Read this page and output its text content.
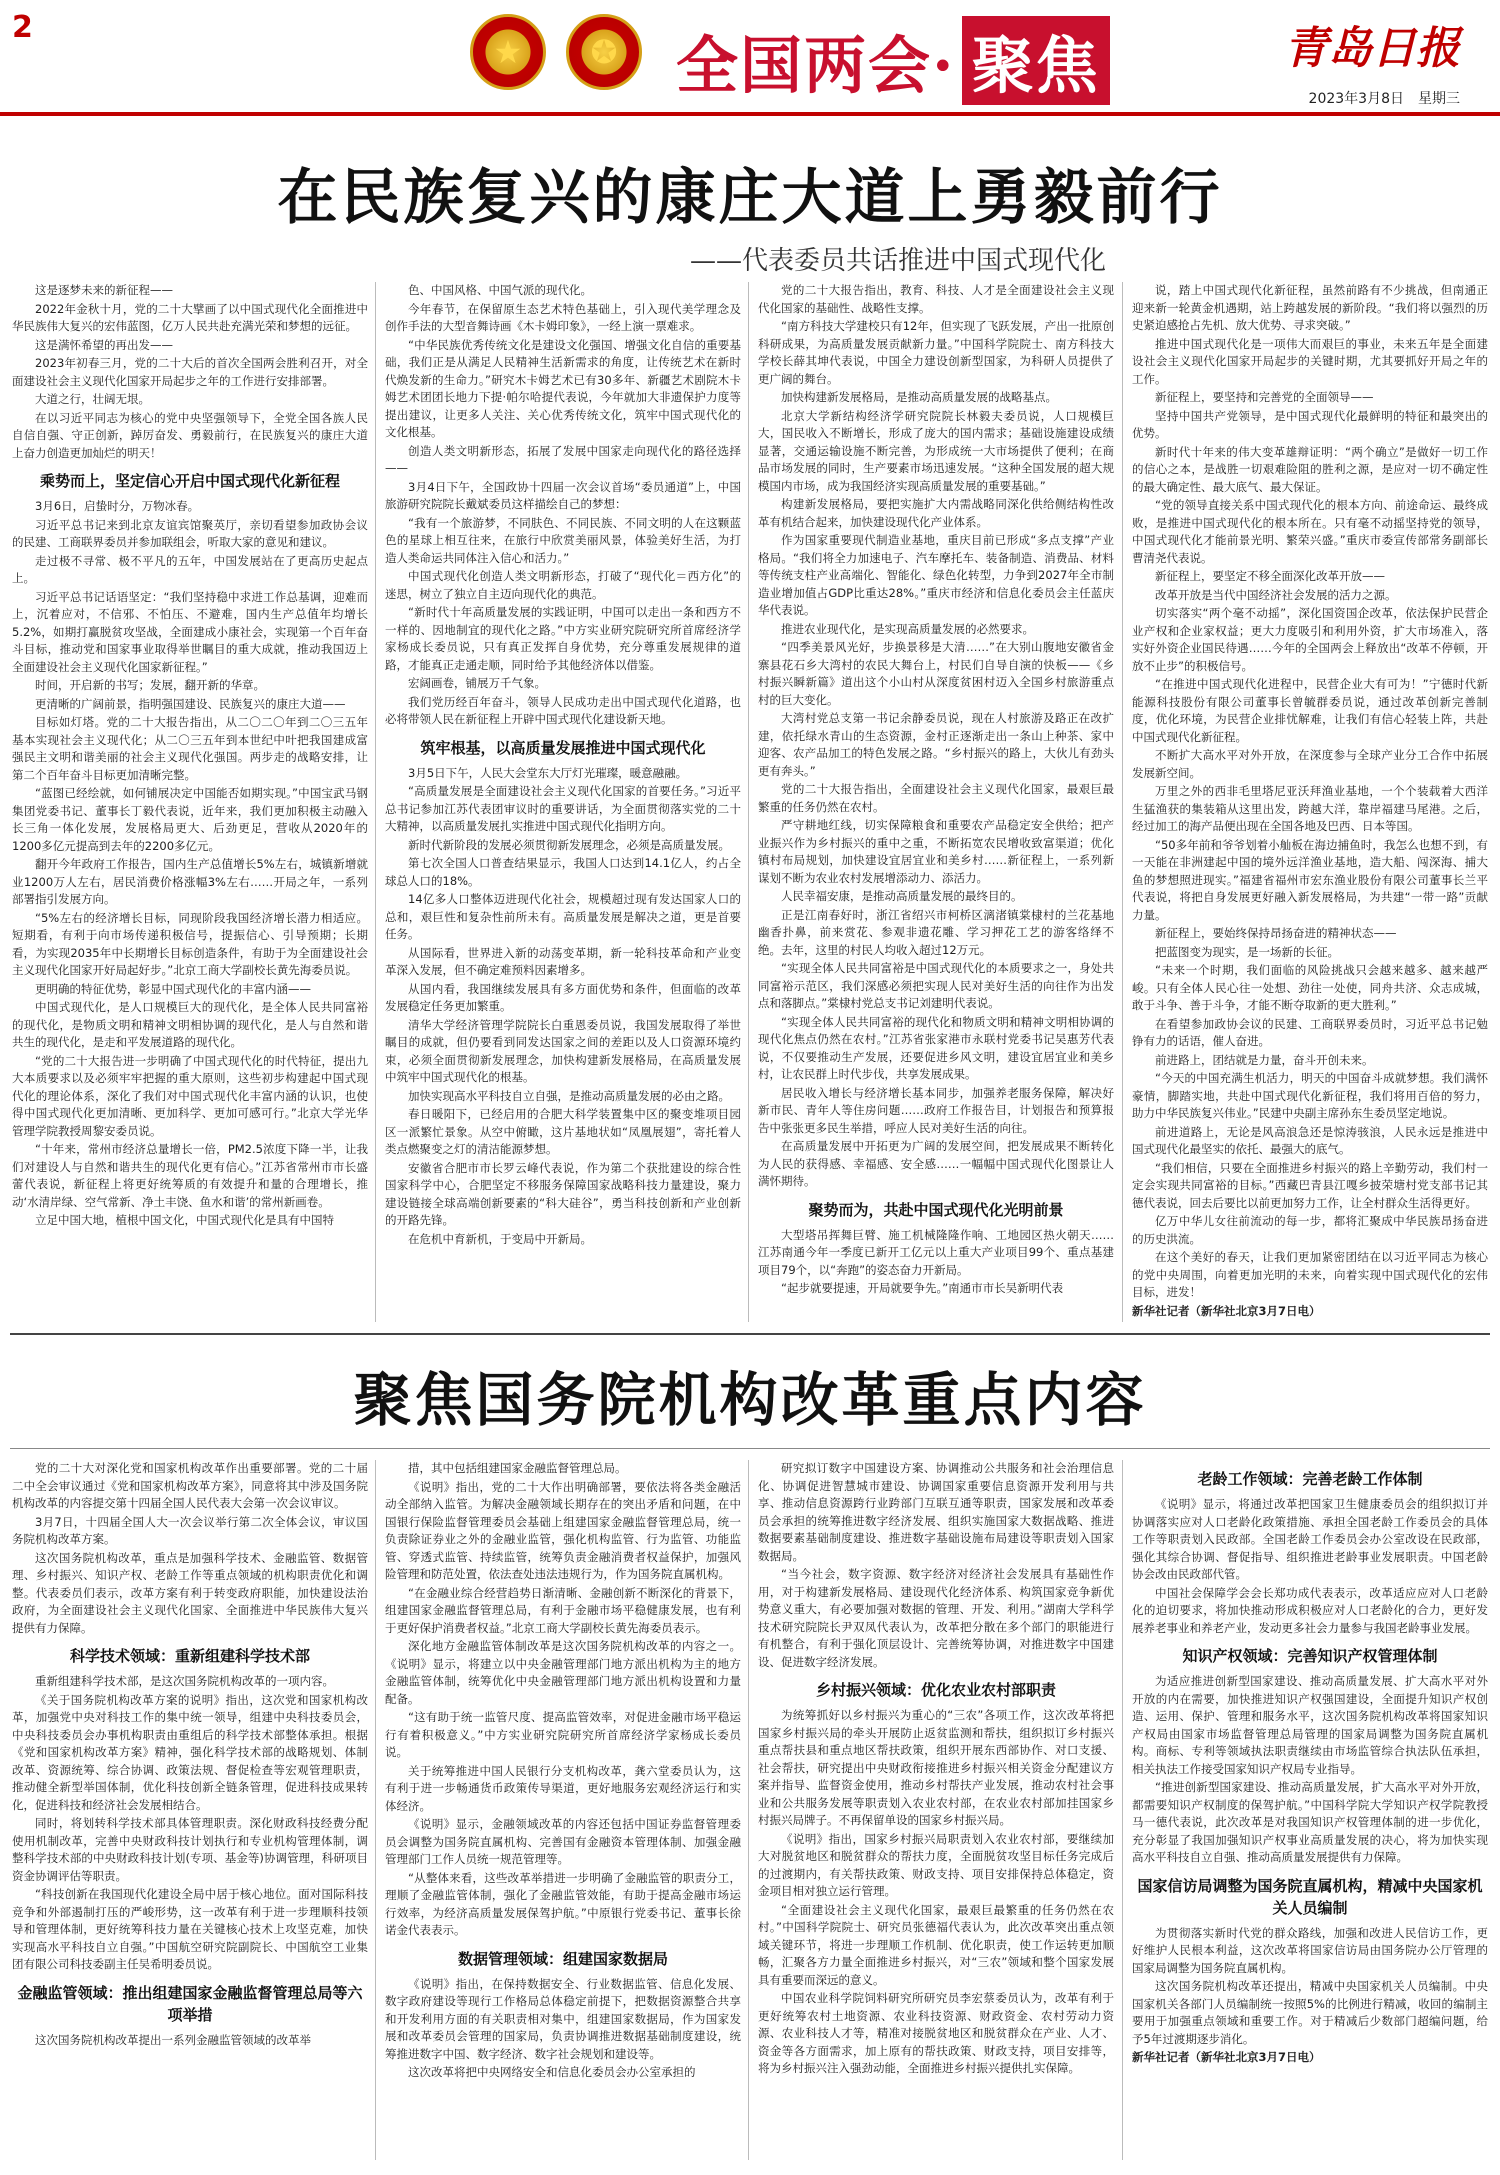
2
★	✪ 全国两会· 聚焦	青岛日报
2023年3月8日　星期三
在民族复兴的康庄大道上勇毅前行
——代表委员共话推进中国式现代化

这是逐梦未来的新征程——

2022年金秋十月，党的二十大擘画了以中国式现代化全面推进中华民族伟大复兴的宏伟蓝图，亿万人民共赴充满光荣和梦想的远征。

这是满怀希望的再出发——

2023年初春三月，党的二十大后的首次全国两会胜利召开，对全面建设社会主义现代化国家开局起步之年的工作进行安排部署。

大道之行，壮阔无垠。

在以习近平同志为核心的党中央坚强领导下，全党全国各族人民自信自强、守正创新，踔厉奋发、勇毅前行，在民族复兴的康庄大道上奋力创造更加灿烂的明天！

乘势而上，坚定信心开启中国式现代化新征程

3月6日，启蛰时分，万物冰春。

习近平总书记来到北京友谊宾馆聚英厅，亲切看望参加政协会议的民建、工商联界委员并参加联组会，听取大家的意见和建议。

走过极不寻常、极不平凡的五年，中国发展站在了更高历史起点上。

习近平总书记话语坚定：“我们坚持稳中求进工作总基调，迎难而上，沉着应对，不信邪、不怕压、不避难，国内生产总值年均增长5.2%，如期打赢脱贫攻坚战，全面建成小康社会，实现第一个百年奋斗目标，推动党和国家事业取得举世瞩目的重大成就，推动我国迈上全面建设社会主义现代化国家新征程。”

时间，开启新的书写；发展，翻开新的华章。

更清晰的广阔前景，指明强国建设、民族复兴的康庄大道——

目标如灯塔。党的二十大报告指出，从二〇二〇年到二〇三五年基本实现社会主义现代化；从二〇三五年到本世纪中叶把我国建成富强民主文明和谐美丽的社会主义现代化强国。两步走的战略安排，让第二个百年奋斗目标更加清晰完整。

“蓝图已经绘就，如何铺展决定中国能否如期实现。”中国宝武马钢集团党委书记、董事长丁毅代表说，近年来，我们更加积极主动融入长三角一体化发展，发展格局更大、后劲更足，营收从2020年的1200多亿元提高到去年的2200多亿元。

翻开今年政府工作报告，国内生产总值增长5%左右，城镇新增就业1200万人左右，居民消费价格涨幅3%左右……开局之年，一系列部署指引发展方向。

“5%左右的经济增长目标，同现阶段我国经济增长潜力相适应。短期看，有利于向市场传递积极信号，提振信心、引导预期；长期看，为实现2035年中长期增长目标创造条件，有助于为全面建设社会主义现代化国家开好局起好步。”北京工商大学副校长黄先海委员说。

更明确的特征优势，彰显中国式现代化的丰富内涵——

中国式现代化，是人口规模巨大的现代化，是全体人民共同富裕的现代化，是物质文明和精神文明相协调的现代化，是人与自然和谐共生的现代化，是走和平发展道路的现代化。

“党的二十大报告进一步明确了中国式现代化的时代特征，提出九大本质要求以及必须牢牢把握的重大原则，这些初步构建起中国式现代化的理论体系，深化了我们对中国式现代化丰富内涵的认识，也使得中国式现代化更加清晰、更加科学、更加可感可行。”北京大学光华管理学院教授周黎安委员说。

“十年来，常州市经济总量增长一倍，PM2.5浓度下降一半，让我们对建设人与自然和谐共生的现代化更有信心。”江苏省常州市市长盛蕾代表说，新征程上将更好统筹质的有效提升和量的合理增长，推动‘水清岸绿、空气常新、净土丰饶、鱼水和谐’的常州新画卷。

立足中国大地，植根中国文化，中国式现代化是具有中国特

色、中国风格、中国气派的现代化。

今年春节，在保留原生态艺术特色基础上，引入现代美学理念及创作手法的大型音舞诗画《木卡姆印象》，一经上演一票难求。

“中华民族优秀传统文化是建设文化强国、增强文化自信的重要基础，我们正是从满足人民精神生活新需求的角度，让传统艺术在新时代焕发新的生命力。”研究木卡姆艺术已有30多年、新疆艺术剧院木卡姆艺术团团长地力下提·帕尔哈提代表说，今年就加大非遗保护力度等提出建议，让更多人关注、关心优秀传统文化，筑牢中国式现代化的文化根基。

创造人类文明新形态，拓展了发展中国家走向现代化的路径选择——

3月4日下午，全国政协十四届一次会议首场“委员通道”上，中国旅游研究院院长戴斌委员这样描绘自己的梦想：

“我有一个旅游梦，不同肤色、不同民族、不同文明的人在这颗蓝色的星球上相互往来，在旅行中欣赏美丽风景，体验美好生活，为打造人类命运共同体注入信心和活力。”

中国式现代化创造人类文明新形态，打破了“现代化＝西方化”的迷思，树立了独立自主迈向现代化的典范。

“新时代十年高质量发展的实践证明，中国可以走出一条和西方不一样的、因地制宜的现代化之路。”中方实业研究院研究所首席经济学家杨成长委员说，只有真正发挥自身优势，充分尊重发展规律的道路，才能真正走通走顺，同时给予其他经济体以借鉴。

宏阔画卷，铺展万千气象。

我们党历经百年奋斗，领导人民成功走出中国式现代化道路，也必将带领人民在新征程上开辟中国式现代化建设新天地。

筑牢根基，以高质量发展推进中国式现代化

3月5日下午，人民大会堂东大厅灯光璀璨，暖意融融。

“高质量发展是全面建设社会主义现代化国家的首要任务。”习近平总书记参加江苏代表团审议时的重要讲话，为全面贯彻落实党的二十大精神，以高质量发展扎实推进中国式现代化指明方向。

新时代新阶段的发展必须贯彻新发展理念，必须是高质量发展。

第七次全国人口普查结果显示，我国人口达到14.1亿人，约占全球总人口的18%。

14亿多人口整体迈进现代化社会，规模超过现有发达国家人口的总和，艰巨性和复杂性前所未有。高质量发展是解决之道，更是首要任务。

从国际看，世界进入新的动荡变革期，新一轮科技革命和产业变革深入发展，但不确定难预料因素增多。

从国内看，我国继续发展具有多方面优势和条件，但面临的改革发展稳定任务更加繁重。

清华大学经济管理学院院长白重恩委员说，我国发展取得了举世瞩目的成就，但仍要看到同发达国家之间的差距以及人口资源环境约束，必须全面贯彻新发展理念，加快构建新发展格局，在高质量发展中筑牢中国式现代化的根基。

加快实现高水平科技自立自强，是推动高质量发展的必由之路。

春日暖阳下，已经启用的合肥大科学装置集中区的聚变堆项目园区一派繁忙景象。从空中俯瞰，这片基地状如“凤凰展翅”，寄托着人类点燃聚变之灯的清洁能源梦想。

安徽省合肥市市长罗云峰代表说，作为第二个获批建设的综合性国家科学中心，合肥坚定不移服务保障国家战略科技力量建设，聚力建设链接全球高端创新要素的“科大硅谷”，勇当科技创新和产业创新的开路先锋。

在危机中育新机，于变局中开新局。

党的二十大报告指出，教育、科技、人才是全面建设社会主义现代化国家的基础性、战略性支撑。

“南方科技大学建校只有12年，但实现了飞跃发展，产出一批原创科研成果，为高质量发展贡献新力量。”中国科学院院士、南方科技大学校长薛其坤代表说，中国全力建设创新型国家，为科研人员提供了更广阔的舞台。

加快构建新发展格局，是推动高质量发展的战略基点。

北京大学新结构经济学研究院院长林毅夫委员说，人口规模巨大，国民收入不断增长，形成了庞大的国内需求；基础设施建设成绩显著，交通运输设施不断完善，为形成统一大市场提供了便利；在商品市场发展的同时，生产要素市场迅速发展。“这种全国发展的超大规模国内市场，成为我国经济实现高质量发展的重要基础。”

构建新发展格局，要把实施扩大内需战略同深化供给侧结构性改革有机结合起来，加快建设现代化产业体系。

作为国家重要现代制造业基地，重庆目前已形成“多点支撑”产业格局。“我们将全力加速电子、汽车摩托车、装备制造、消费品、材料等传统支柱产业高端化、智能化、绿色化转型，力争到2027年全市制造业增加值占GDP比重达28%。”重庆市经济和信息化委员会主任蓝庆华代表说。

推进农业现代化，是实现高质量发展的必然要求。

“四季美景风光好，步换景移是大清……”在大别山腹地安徽省金寨县花石乡大湾村的农民大舞台上，村民们自导自演的快板——《乡村振兴瞬新篇》道出这个小山村从深度贫困村迈入全国乡村旅游重点村的巨大变化。

大湾村党总支第一书记余静委员说，现在人村旅游及路正在改扩建，依托绿水青山的生态资源，金村正逐渐走出一条山上种茶、家中迎客、农产品加工的特色发展之路。“乡村振兴的路上，大伙儿有劲头更有奔头。”

党的二十大报告指出，全面建设社会主义现代化国家，最艰巨最繁重的任务仍然在农村。

严守耕地红线，切实保障粮食和重要农产品稳定安全供给；把产业振兴作为乡村振兴的重中之重，不断拓宽农民增收致富渠道；优化镇村布局规划，加快建设宜居宜业和美乡村……新征程上，一系列新谋划不断为农业农村发展增添动力、添活力。

人民幸福安康，是推动高质量发展的最终目的。

正是江南春好时，浙江省绍兴市柯桥区漓渚镇棠棣村的兰花基地幽香扑鼻，前来赏花、参观非遗花雕、学习押花工艺的游客络绎不绝。去年，这里的村民人均收入超过12万元。

“实现全体人民共同富裕是中国式现代化的本质要求之一，身处共同富裕示范区，我们深感必须把实现人民对美好生活的向往作为出发点和落脚点。”棠棣村党总支书记刘建明代表说。

“实现全体人民共同富裕的现代化和物质文明和精神文明相协调的现代化焦点仍然在农村。”江苏省张家港市永联村党委书记吴惠芳代表说，不仅要推动生产发展，还要促进乡风文明，建设宜居宜业和美乡村，让农民群上时代步伐，共享发展成果。

居民收入增长与经济增长基本同步，加强养老服务保障，解决好新市民、青年人等住房问题……政府工作报告目，计划报告和预算报告中张张更多民生举措，呼应人民对美好生活的向往。

在高质量发展中开拓更为广阔的发展空间，把发展成果不断转化为人民的获得感、幸福感、安全感……一幅幅中国式现代化图景让人满怀期待。

聚势而为，共赴中国式现代化光明前景

大型塔吊挥舞巨臂、施工机械隆隆作响、工地园区热火朝天……江苏南通今年一季度已新开工亿元以上重大产业项目99个、重点基建项目79个，以“奔跑”的姿态奋力开新局。

“起步就要提速，开局就要争先。”南通市市长吴新明代表

说，踏上中国式现代化新征程，虽然前路有不少挑战，但南通正迎来新一轮黄金机遇期，站上跨越发展的新阶段。“我们将以强烈的历史紧迫感抢占先机、放大优势、寻求突破。”

推进中国式现代化是一项伟大而艰巨的事业，未来五年是全面建设社会主义现代化国家开局起步的关键时期，尤其要抓好开局之年的工作。

新征程上，要坚持和完善党的全面领导——

坚持中国共产党领导，是中国式现代化最鲜明的特征和最突出的优势。

新时代十年来的伟大变革雄辩证明：“两个确立”是做好一切工作的信心之本，是战胜一切艰难险阻的胜利之源，是应对一切不确定性的最大确定性、最大底气、最大保证。

“党的领导直接关系中国式现代化的根本方向、前途命运、最终成败，是推进中国式现代化的根本所在。只有毫不动摇坚持党的领导，中国式现代化才能前景光明、繁荣兴盛。”重庆市委宣传部常务副部长曹清尧代表说。

新征程上，要坚定不移全面深化改革开放——

改革开放是当代中国经济社会发展的活力之源。

切实落实“两个毫不动摇”，深化国资国企改革，依法保护民营企业产权和企业家权益；更大力度吸引和利用外资，扩大市场准入，落实好外资企业国民待遇……今年的全国两会上释放出“改革不停顿，开放不止步”的积极信号。

“在推进中国式现代化进程中，民营企业大有可为！”宁德时代新能源科技股份有限公司董事长曾毓群委员说，通过改革创新完善制度，优化环境，为民营企业排忧解难，让我们有信心轻装上阵，共赴中国式现代化新征程。

不断扩大高水平对外开放，在深度参与全球产业分工合作中拓展发展新空间。

万里之外的西非毛里塔尼亚沃拜渔业基地，一个个装载着大西洋生猛渔获的集装箱从这里出发，跨越大洋，靠岸福建马尾港。之后，经过加工的海产品便出现在全国各地及巴西、日本等国。

“50多年前和爷爷划着小舢板在海边捕鱼时，我怎么也想不到，有一天能在非洲建起中国的境外远洋渔业基地，造大船、闯深海、捕大鱼的梦想照进现实。”福建省福州市宏东渔业股份有限公司董事长兰平代表说，将把自身发展更好融入新发展格局，为共建“一带一路”贡献力量。

新征程上，要始终保持昂扬奋进的精神状态——

把蓝图变为现实，是一场新的长征。

“未来一个时期，我们面临的风险挑战只会越来越多、越来越严峻。只有全体人民心往一处想、劲往一处使，同舟共济、众志成城，敢于斗争、善于斗争，才能不断夺取新的更大胜利。”

在看望参加政协会议的民建、工商联界委员时，习近平总书记勉铮有力的话语，催人奋进。

前进路上，团结就是力量，奋斗开创未来。

“今天的中国充满生机活力，明天的中国奋斗成就梦想。我们满怀豪情，脚踏实地，共赴中国式现代化新征程，我们将用百倍的努力，助力中华民族复兴伟业。”民建中央副主席孙东生委员坚定地说。

前进道路上，无论是风高浪急还是惊涛骇浪，人民永远是推进中国式现代化最坚实的依托、最强大的底气。

“我们相信，只要在全面推进乡村振兴的路上辛勤劳动，我们村一定会实现共同富裕的目标。”西藏巴青县江嘎乡披荣塘村党支部书记其德代表说，回去后要比以前更加努力工作，让全村群众生活得更好。

亿万中华儿女往前流动的每一步，都将汇聚成中华民族昂扬奋进的历史洪流。

在这个美好的春天，让我们更加紧密团结在以习近平同志为核心的党中央周围，向着更加光明的未来，向着实现中国式现代化的宏伟目标，进发！

新华社记者（新华社北京3月7日电）

聚焦国务院机构改革重点内容

党的二十大对深化党和国家机构改革作出重要部署。党的二十届二中全会审议通过《党和国家机构改革方案》，同意将其中涉及国务院机构改革的内容提交第十四届全国人民代表大会第一次会议审议。

3月7日，十四届全国人大一次会议举行第二次全体会议，审议国务院机构改革方案。

这次国务院机构改革，重点是加强科学技术、金融监管、数据管理、乡村振兴、知识产权、老龄工作等重点领域的机构职责优化和调整。代表委员们表示，改革方案有利于转变政府职能，加快建设法治政府，为全面建设社会主义现代化国家、全面推进中华民族伟大复兴提供有力保障。

科学技术领域：重新组建科学技术部

重新组建科学技术部，是这次国务院机构改革的一项内容。

《关于国务院机构改革方案的说明》指出，这次党和国家机构改革，加强党中央对科技工作的集中统一领导，组建中央科技委员会，中央科技委员会办事机构职责由重组后的科学技术部整体承担。根据《党和国家机构改革方案》精神，强化科学技术部的战略规划、体制改革、资源统筹、综合协调、政策法规、督促检查等宏观管理职责，推动健全新型举国体制，优化科技创新全链条管理，促进科技成果转化，促进科技和经济社会发展相结合。

同时，将划转科学技术部具体管理职责。深化财政科技经费分配使用机制改革，完善中央财政科技计划执行和专业机构管理体制，调整科学技术部的中央财政科技计划(专项、基金等)协调管理，科研项目资金协调评估等职责。

“科技创新在我国现代化建设全局中居于核心地位。面对国际科技竞争和外部遏制打压的严峻形势，这一改革有利于进一步理顺科技领导和管理体制，更好统筹科技力量在关键核心技术上攻坚克难，加快实现高水平科技自立自强。”中国航空研究院副院长、中国航空工业集团有限公司科技委副主任吴希明委员说。

金融监管领域：推出组建国家金融监督管理总局等六项举措

这次国务院机构改革提出一系列金融监管领域的改革举

措，其中包括组建国家金融监督管理总局。

《说明》指出，党的二十大作出明确部署，要依法将各类金融活动全部纳入监管。为解决金融领域长期存在的突出矛盾和问题，在中国银行保险监督管理委员会基础上组建国家金融监督管理总局，统一负责除证券业之外的金融业监管，强化机构监管、行为监管、功能监管、穿透式监管、持续监管，统筹负责金融消费者权益保护，加强风险管理和防范处置，依法查处违法违规行为，作为国务院直属机构。

“在金融业综合经营趋势日渐清晰、金融创新不断深化的背景下，组建国家金融监督管理总局，有利于金融市场平稳健康发展，也有利于更好保护消费者权益。”北京工商大学副校长黄先海委员表示。

深化地方金融监管体制改革是这次国务院机构改革的内容之一。《说明》显示，将建立以中央金融管理部门地方派出机构为主的地方金融监管体制，统筹优化中央金融管理部门地方派出机构设置和力量配备。

“这有助于统一监管尺度、提高监管效率，对促进金融市场平稳运行有着积极意义。”中方实业研究院研究所首席经济学家杨成长委员说。

关于统筹推进中国人民银行分支机构改革，龚六堂委员认为，这有利于进一步畅通货币政策传导渠道，更好地服务宏观经济运行和实体经济。

《说明》显示，金融领域改革的内容还包括中国证券监督管理委员会调整为国务院直属机构、完善国有金融资本管理体制、加强金融管理部门工作人员统一规范管理等。

“从整体来看，这些改革举措进一步明确了金融监管的职责分工，理顺了金融监管体制，强化了金融监管效能，有助于提高金融市场运行效率，为经济高质量发展保驾护航。”中原银行党委书记、董事长徐诺金代表表示。

数据管理领域：组建国家数据局

《说明》指出，在保持数据安全、行业数据监管、信息化发展、数字政府建设等现行工作格局总体稳定前提下，把数据资源整合共享和开发利用方面的有关职责相对集中，组建国家数据局，作为国家发展和改革委员会管理的国家局，负责协调推进数据基础制度建设，统筹推进数字中国、数字经济、数字社会规划和建设等。

这次改革将把中央网络安全和信息化委员会办公室承担的

研究拟订数字中国建设方案、协调推动公共服务和社会治理信息化、协调促进智慧城市建设、协调国家重要信息资源开发利用与共享、推动信息资源跨行业跨部门互联互通等职责，国家发展和改革委员会承担的统筹推进数字经济发展、组织实施国家大数据战略、推进数据要素基础制度建设、推进数字基础设施布局建设等职责划入国家数据局。

“当今社会，数字资源、数字经济对经济社会发展具有基础性作用，对于构建新发展格局、建设现代化经济体系、构筑国家竞争新优势意义重大，有必要加强对数据的管理、开发、利用。”湖南大学科学技术研究院院长尹双凤代表认为，改革把分散在多个部门的职能进行有机整合，有利于强化顶层设计、完善统筹协调，对推进数字中国建设、促进数字经济发展。

乡村振兴领域：优化农业农村部职责

为统筹抓好以乡村振兴为重心的“三农”各项工作，这次改革将把国家乡村振兴局的牵头开展防止返贫监测和帮扶，组织拟订乡村振兴重点帮扶县和重点地区帮扶政策，组织开展东西部协作、对口支援、社会帮扶，研究提出中央财政衔接推进乡村振兴相关资金分配建议方案并指导、监督资金使用，推动乡村帮扶产业发展，推动农村社会事业和公共服务发展等职责划入农业农村部，在农业农村部加挂国家乡村振兴局牌子。不再保留单设的国家乡村振兴局。

《说明》指出，国家乡村振兴局职责划入农业农村部，要继续加大对脱贫地区和脱贫群众的帮扶力度，全面脱贫攻坚目标任务完成后的过渡期内，有关帮扶政策、财政支持、项目安排保持总体稳定，资金项目相对独立运行管理。

“全面建设社会主义现代化国家，最艰巨最繁重的任务仍然在农村。”中国科学院院士、研究员张德福代表认为，此次改革突出重点领域关键环节，将进一步理顺工作机制、优化职责，使工作运转更加顺畅，汇聚各方力量全面推进乡村振兴，对“三农”领域和整个国家发展具有重要而深远的意义。

中国农业科学院饲料研究所研究员李宏蔡委员认为，改革有利于更好统筹农村土地资源、农业科技资源、财政资金、农村劳动力资源、农业科技人才等，精准对接脱贫地区和脱贫群众在产业、人才、资金等各方面需求，加上原有的帮扶政策、财政支持，项目安排等，将为乡村振兴注入强劲动能，全面推进乡村振兴提供扎实保障。

老龄工作领域：完善老龄工作体制

《说明》显示，将通过改革把国家卫生健康委员会的组织拟订并协调落实应对人口老龄化政策措施、承担全国老龄工作委员会的具体工作等职责划入民政部。全国老龄工作委员会办公室改设在民政部，强化其综合协调、督促指导、组织推进老龄事业发展职责。中国老龄协会改由民政部代管。

中国社会保障学会会长郑功成代表表示，改革适应应对人口老龄化的迫切要求，将加快推动形成积极应对人口老龄化的合力，更好发展养老事业和养老产业，发动更多社会力量参与我国老龄事业发展。

知识产权领域：完善知识产权管理体制

为适应推进创新型国家建设、推动高质量发展、扩大高水平对外开放的内在需要，加快推进知识产权强国建设，全面提升知识产权创造、运用、保护、管理和服务水平，这次国务院机构改革将国家知识产权局由国家市场监督管理总局管理的国家局调整为国务院直属机构。商标、专利等领域执法职责继续由市场监管综合执法队伍承担，相关执法工作接受国家知识产权局专业指导。

“推进创新型国家建设、推动高质量发展，扩大高水平对外开放，都需要知识产权制度的保驾护航。”中国科学院大学知识产权学院教授马一德代表说，此次改革是对我国知识产权管理体制的进一步优化，充分彰显了我国加强知识产权事业高质量发展的决心，将为加快实现高水平科技自立自强、推动高质量发展提供有力保障。

国家信访局调整为国务院直属机构，精减中央国家机关人员编制

为贯彻落实新时代党的群众路线，加强和改进人民信访工作，更好维护人民根本利益，这次改革将国家信访局由国务院办公厅管理的国家局调整为国务院直属机构。

这次国务院机构改革还提出，精减中央国家机关人员编制。中央国家机关各部门人员编制统一按照5%的比例进行精减，收回的编制主要用于加强重点领域和重要工作。对于精减后少数部门超编问题，给予5年过渡期逐步消化。

新华社记者（新华社北京3月7日电）
